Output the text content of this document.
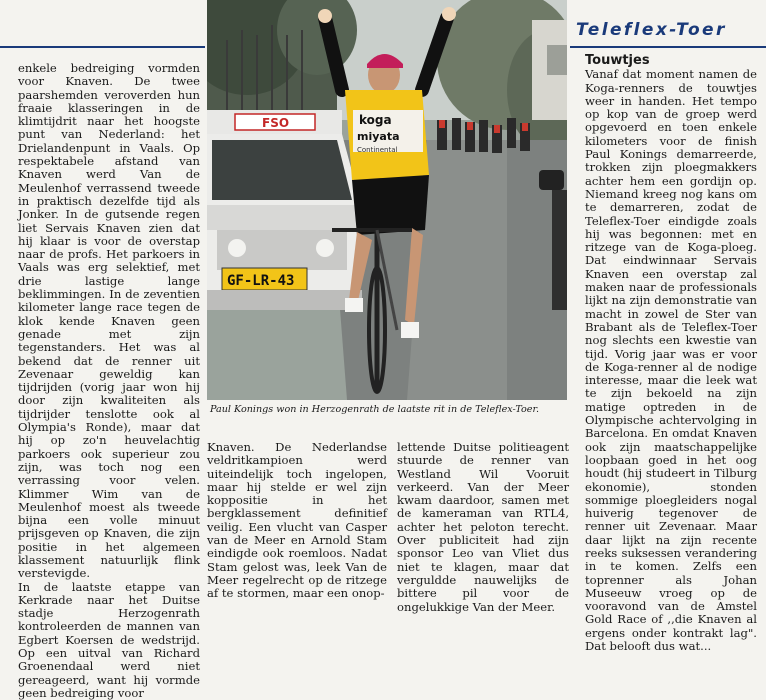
Teleflex-Toer
FSO
GF-LR-43
koga
miyata
Continental
Paul Konings won in Herzogenrath de laatste rit in de Teleflex-Toer.

enkele bedreiging vormden voor Knaven. De twee paarshemden veroverden hun fraaie klasseringen in de klimtijdrit naar het hoogste punt van Nederland: het Drielandenpunt in Vaals. Op respektabele afstand van Knaven werd Van de Meulenhof verrassend tweede in praktisch dezelfde tijd als Jonker. In de gutsende regen liet Servais Knaven zien dat hij klaar is voor de overstap naar de profs. Het parkoers in Vaals was erg selektief, met drie lastige lange beklimmingen. In de zeventien kilometer lange race tegen de klok kende Knaven geen genade met zijn tegenstanders. Het was al bekend dat de renner uit Zevenaar geweldig kan tijdrijden (vorig jaar won hij door zijn kwaliteiten als tijdrijder tenslotte ook al Olympia's Ronde), maar dat hij op zo'n heuvelachtig parkoers ook superieur zou zijn, was toch nog een verrassing voor velen. Klimmer Wim van de Meulenhof moest als tweede bijna een volle minuut prijsgeven op Knaven, die zijn positie in het algemeen klassement natuurlijk flink verstevigde.

In de laatste etappe van Kerkrade naar het Duitse stadje Herzogenrath kontroleerden de mannen van Egbert Koersen de wedstrijd. Op een uitval van Richard Groenendaal werd niet gereageerd, want hij vormde geen bedreiging voor

Knaven. De Nederlandse veldritkampioen werd uiteindelijk toch ingelopen, maar hij stelde er wel zijn koppositie in het bergklassement definitief veilig. Een vlucht van Casper van de Meer en Arnold Stam eindigde ook roemloos. Nadat Stam gelost was, leek Van de Meer regelrecht op de ritzege af te stormen, maar een onop-

lettende Duitse politieagent stuurde de renner van Westland Wil Vooruit verkeerd. Van der Meer kwam daardoor, samen met de kameraman van RTL4, achter het peloton terecht. Over publiciteit had zijn sponsor Leo van Vliet dus niet te klagen, maar dat verguldde nauwelijks de bittere pil voor de ongelukkige Van der Meer.

Touwtjes

Vanaf dat moment namen de Koga-renners de touwtjes weer in handen. Het tempo op kop van de groep werd opgevoerd en toen enkele kilometers voor de finish Paul Konings demarreerde, trokken zijn ploegmakkers achter hem een gordijn op. Niemand kreeg nog kans om te demarreren, zodat de Teleflex-Toer eindigde zoals hij was begonnen: met en ritzege van de Koga-ploeg. Dat eindwinnaar Servais Knaven een overstap zal maken naar de professionals lijkt na zijn demonstratie van macht in zowel de Ster van Brabant als de Teleflex-Toer nog slechts een kwestie van tijd. Vorig jaar was er voor de Koga-renner al de nodige interesse, maar die leek wat te zijn bekoeld na zijn matige optreden in de Olympische achtervolging in Barcelona. En omdat Knaven ook zijn maatschappelijke loopbaan goed in het oog houdt (hij studeert in Tilburg ekonomie), stonden sommige ploegleiders nogal huiverig tegenover de renner uit Zevenaar. Maar daar lijkt na zijn recente reeks suksessen verandering in te komen. Zelfs een toprenner als Johan Museeuw vroeg op de vooravond van de Amstel Gold Race of ,,die Knaven al ergens onder kontrakt lag". Dat belooft dus wat...
